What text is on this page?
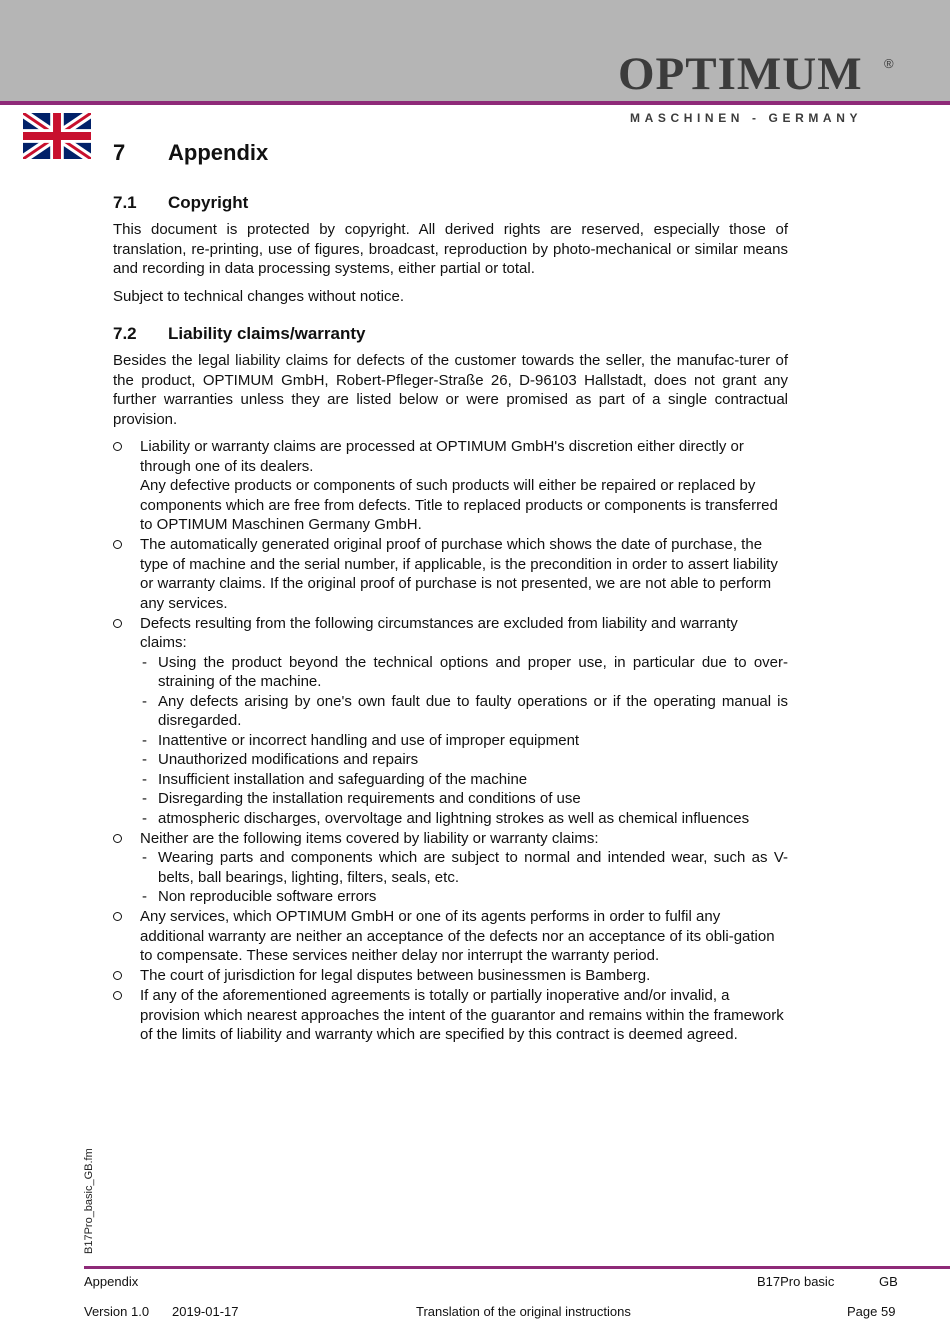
OPTIMUM	®
MASCHINEN - GERMANY
7 Appendix
7.1 Copyright

This document is protected by copyright. All derived rights are reserved, especially those of translation, re-printing, use of figures, broadcast, reproduction by photo-mechanical or similar means and recording in data processing systems, either partial or total.

Subject to technical changes without notice.

7.2 Liability claims/warranty

Besides the legal liability claims for defects of the customer towards the seller, the manufac-turer of the product, OPTIMUM GmbH, Robert-Pfleger-Straße 26, D-96103 Hallstadt, does not grant any further warranties unless they are listed below or were promised as part of a single contractual provision.

Liability or warranty claims are processed at OPTIMUM GmbH's discretion either directly or through one of its dealers.
Any defective products or components of such products will either be repaired or replaced by components which are free from defects. Title to replaced products or components is transferred to OPTIMUM Maschinen Germany GmbH.
The automatically generated original proof of purchase which shows the date of purchase, the type of machine and the serial number, if applicable, is the precondition in order to assert liability or warranty claims. If the original proof of purchase is not presented, we are not able to perform any services.
Defects resulting from the following circumstances are excluded from liability and warranty claims:
- Using the product beyond the technical options and proper use, in particular due to over-straining of the machine.
- Any defects arising by one's own fault due to faulty operations or if the operating manual is disregarded.
- Inattentive or incorrect handling and use of improper equipment
- Unauthorized modifications and repairs
- Insufficient installation and safeguarding of the machine
- Disregarding the installation requirements and conditions of use
- atmospheric discharges, overvoltage and lightning strokes as well as chemical influences
Neither are the following items covered by liability or warranty claims:
- Wearing parts and components which are subject to normal and intended wear, such as V-belts, ball bearings, lighting, filters, seals, etc.
- Non reproducible software errors
Any services, which OPTIMUM GmbH or one of its agents performs in order to fulfil any additional warranty are neither an acceptance of the defects nor an acceptance of its obli-gation to compensate. These services neither delay nor interrupt the warranty period.
The court of jurisdiction for legal disputes between businessmen is Bamberg.
If any of the aforementioned agreements is totally or partially inoperative and/or invalid, a provision which nearest approaches the intent of the guarantor and remains within the framework of the limits of liability and warranty which are specified by this contract is deemed agreed.
B17Pro_basic_GB.fm
Appendix	B17Pro basic	GB
Version 1.0 2019-01-17	Translation of the original instructions	Page 59
